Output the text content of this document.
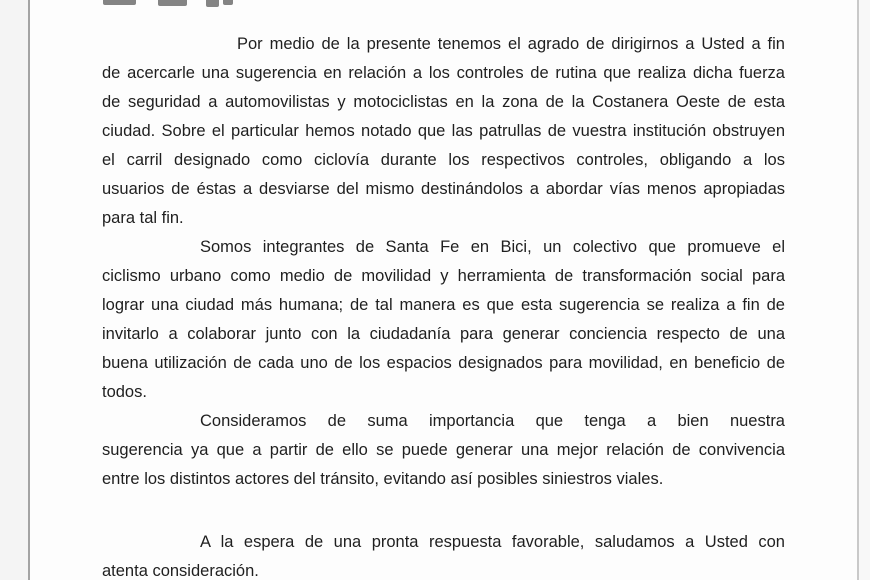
Por medio de la presente tenemos el agrado de dirigirnos a Usted a fin
de acercarle una sugerencia en relación a los controles de rutina que realiza dicha fuerza
de seguridad a automovilistas y motociclistas en la zona de la Costanera Oeste de esta
ciudad. Sobre el particular hemos notado que las patrullas de vuestra institución obstruyen
el carril designado como ciclovía durante los respectivos controles, obligando a los
usuarios de éstas a desviarse del mismo destinándolos a abordar vías menos apropiadas
para tal fin.
Somos integrantes de Santa Fe en Bici, un colectivo que promueve el
ciclismo urbano como medio de movilidad y herramienta de transformación social para
lograr una ciudad más humana; de tal manera es que esta sugerencia se realiza a fin de
invitarlo a colaborar junto con la ciudadanía para generar conciencia respecto de una
buena utilización de cada uno de los espacios designados para movilidad, en beneficio de
todos.
Consideramos de suma importancia que tenga a bien nuestra
sugerencia ya que a partir de ello se puede generar una mejor relación de convivencia
entre los distintos actores del tránsito, evitando así posibles siniestros viales.
A la espera de una pronta respuesta favorable, saludamos a Usted con
atenta consideración.
